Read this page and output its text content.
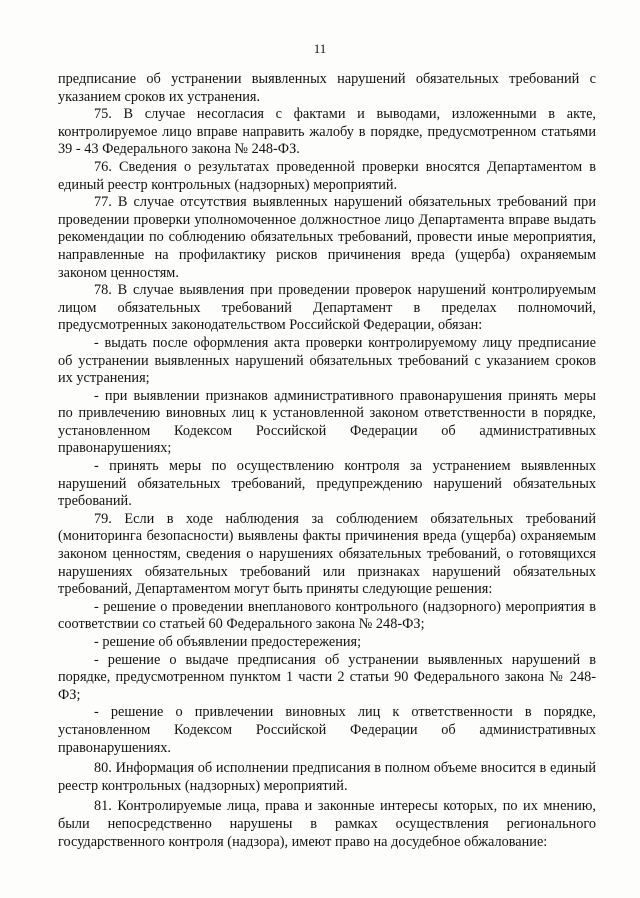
11

предписание об устранении выявленных нарушений обязательных требований с указанием сроков их устранения.

75. В случае несогласия с фактами и выводами, изложенными в акте, контролируемое лицо вправе направить жалобу в порядке, предусмотренном статьями 39 - 43 Федерального закона № 248-ФЗ.

76. Сведения о результатах проведенной проверки вносятся Департаментом в единый реестр контрольных (надзорных) мероприятий.

77. В случае отсутствия выявленных нарушений обязательных требований при проведении проверки уполномоченное должностное лицо Департамента вправе выдать рекомендации по соблюдению обязательных требований, провести иные мероприятия, направленные на профилактику рисков причинения вреда (ущерба) охраняемым законом ценностям.

78. В случае выявления при проведении проверок нарушений контролируемым лицом обязательных требований Департамент в пределах полномочий, предусмотренных законодательством Российской Федерации, обязан:

- выдать после оформления акта проверки контролируемому лицу предписание об устранении выявленных нарушений обязательных требований с указанием сроков их устранения;

- при выявлении признаков административного правонарушения принять меры по привлечению виновных лиц к установленной законом ответственности в порядке, установленном Кодексом Российской Федерации об административных правонарушениях;

- принять меры по осуществлению контроля за устранением выявленных нарушений обязательных требований, предупреждению нарушений обязательных требований.

79. Если в ходе наблюдения за соблюдением обязательных требований (мониторинга безопасности) выявлены факты причинения вреда (ущерба) охраняемым законом ценностям, сведения о нарушениях обязательных требований, о готовящихся нарушениях обязательных требований или признаках нарушений обязательных требований, Департаментом могут быть приняты следующие решения:

- решение о проведении внепланового контрольного (надзорного) мероприятия в соответствии со статьей 60 Федерального закона № 248-ФЗ;

- решение об объявлении предостережения;

- решение о выдаче предписания об устранении выявленных нарушений в порядке, предусмотренном пунктом 1 части 2 статьи 90 Федерального закона № 248-ФЗ;

- решение о привлечении виновных лиц к ответственности в порядке, установленном Кодексом Российской Федерации об административных правонарушениях.

80. Информация об исполнении предписания в полном объеме вносится в единый реестр контрольных (надзорных) мероприятий.

81. Контролируемые лица, права и законные интересы которых, по их мнению, были непосредственно нарушены в рамках осуществления регионального государственного контроля (надзора), имеют право на досудебное обжалование:
